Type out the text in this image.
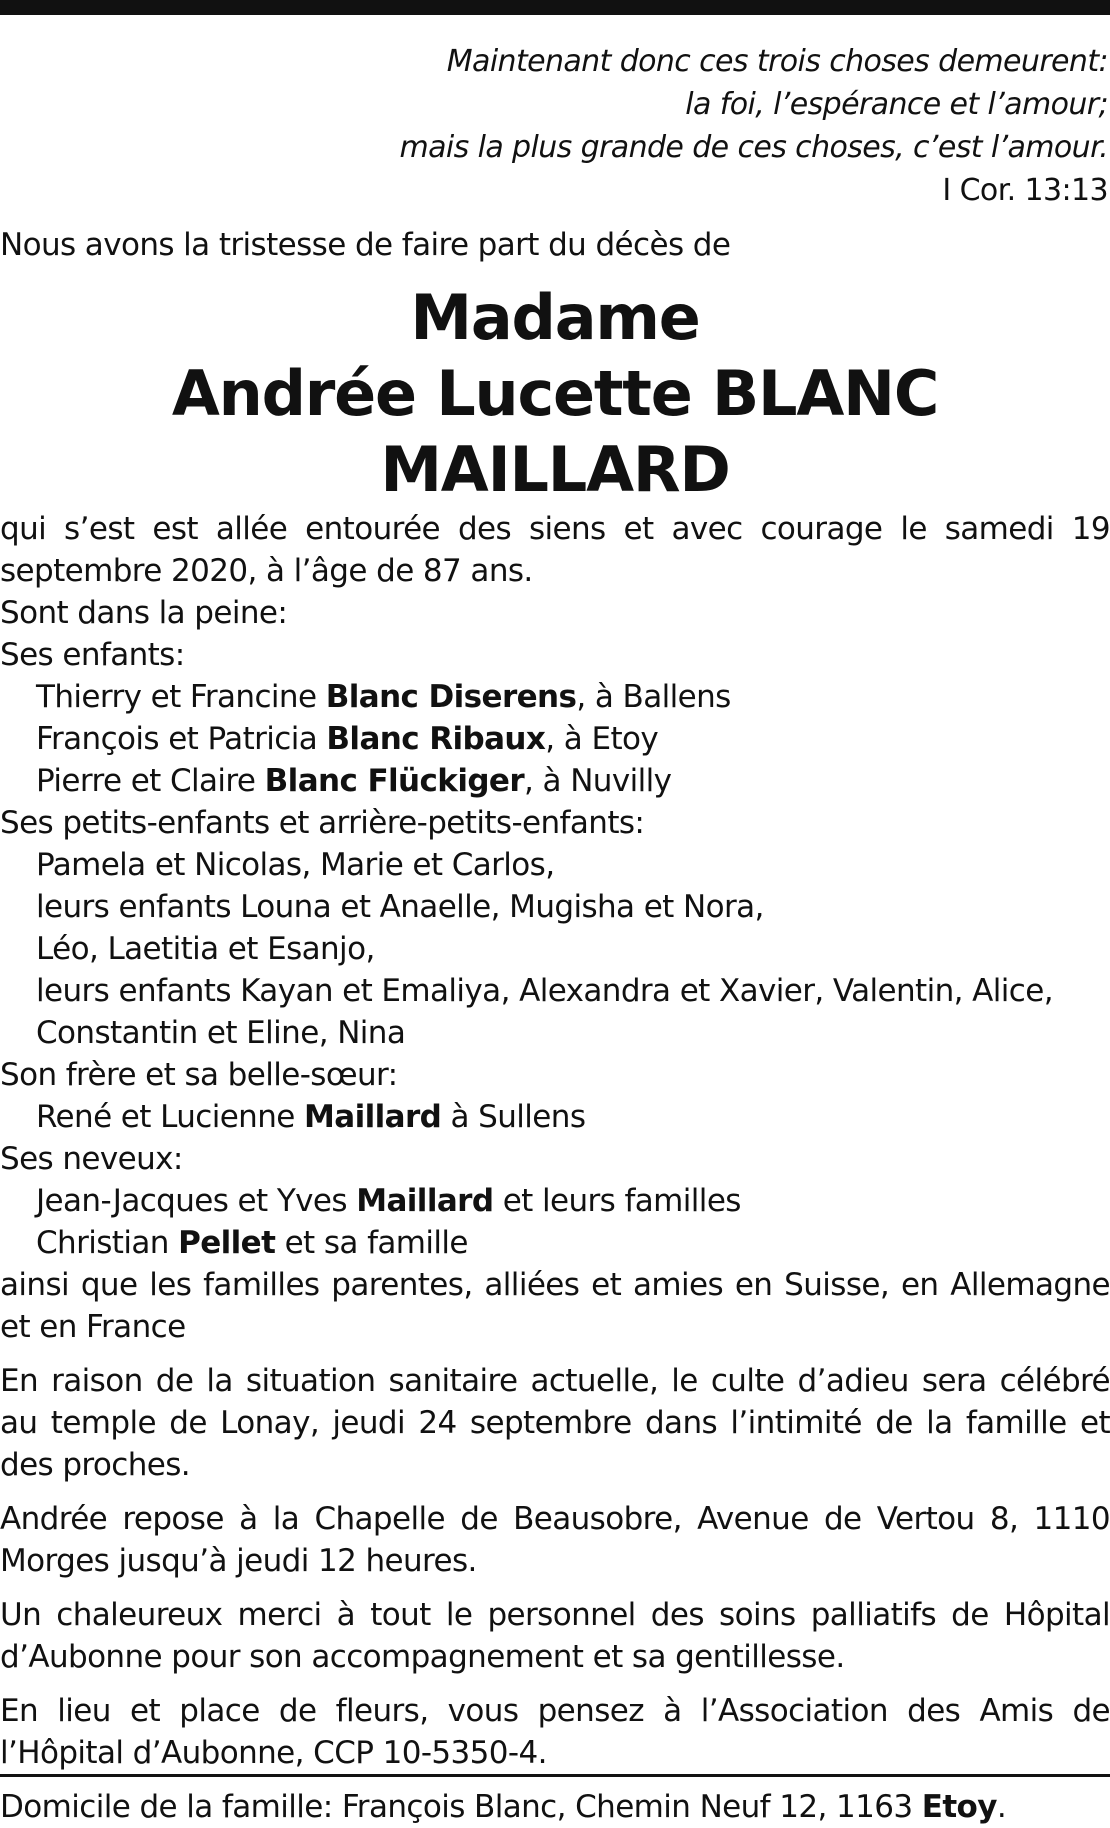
Maintenant donc ces trois choses demeurent:
la foi, l’espérance et l’amour;
mais la plus grande de ces choses, c’est l’amour.
I Cor. 13:13
Nous avons la tristesse de faire part du décès de
Madame
Andrée Lucette BLANC MAILLARD
qui s’est est allée entourée des siens et avec courage le samedi 19 septembre 2020, à l’âge de 87 ans.
Sont dans la peine:
Ses enfants:
Thierry et Francine Blanc Diserens, à Ballens
François et Patricia Blanc Ribaux, à Etoy
Pierre et Claire Blanc Flückiger, à Nuvilly
Ses petits-enfants et arrière-petits-enfants:
Pamela et Nicolas, Marie et Carlos,
leurs enfants Louna et Anaelle, Mugisha et Nora,
Léo, Laetitia et Esanjo,
leurs enfants Kayan et Emaliya, Alexandra et Xavier, Valentin, Alice,
Constantin et Eline, Nina
Son frère et sa belle-sœur:
René et Lucienne Maillard à Sullens
Ses neveux:
Jean-Jacques et Yves Maillard et leurs familles
Christian Pellet et sa famille
ainsi que les familles parentes, alliées et amies en Suisse, en Allemagne et en France
En raison de la situation sanitaire actuelle, le culte d’adieu sera célébré au temple de Lonay, jeudi 24 septembre dans l’intimité de la famille et des proches.
Andrée repose à la Chapelle de Beausobre, Avenue de Vertou 8, 1110 Morges jusqu’à jeudi 12 heures.
Un chaleureux merci à tout le personnel des soins palliatifs de Hôpital d’Aubonne pour son accompagnement et sa gentillesse.
En lieu et place de fleurs, vous pensez à l’Association des Amis de l’Hôpital d’Aubonne, CCP 10-5350-4.
Domicile de la famille: François Blanc, Chemin Neuf 12, 1163 Etoy.
